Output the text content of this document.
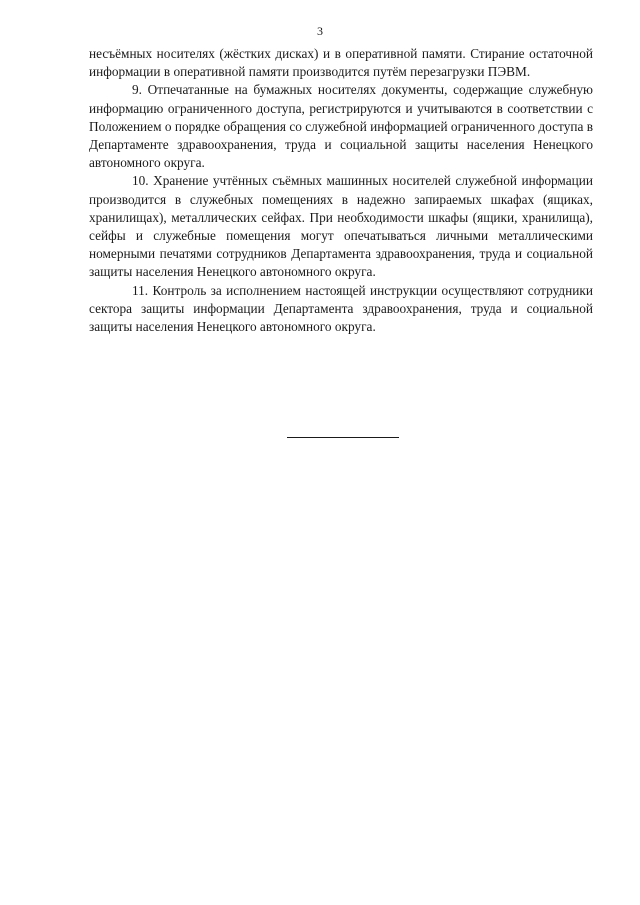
3

несъёмных носителях (жёстких дисках) и в оперативной памяти. Стирание остаточной информации в оперативной памяти производится путём перезагрузки ПЭВМ.

9. Отпечатанные на бумажных носителях документы, содержащие служебную информацию ограниченного доступа, регистрируются и учитываются в соответствии с Положением о порядке обращения со служебной информацией ограниченного доступа в Департаменте здравоохранения, труда и социальной защиты населения Ненецкого автономного округа.

10. Хранение учтённых съёмных машинных носителей служебной информации производится в служебных помещениях в надежно запираемых шкафах (ящиках, хранилищах), металлических сейфах. При необходимости шкафы (ящики, хранилища), сейфы и служебные помещения могут опечатываться личными металлическими номерными печатями сотрудников Департамента здравоохранения, труда и социальной защиты населения Ненецкого автономного округа.

11. Контроль за исполнением настоящей инструкции осуществляют сотрудники сектора защиты информации Департамента здравоохранения, труда и социальной защиты населения Ненецкого автономного округа.
